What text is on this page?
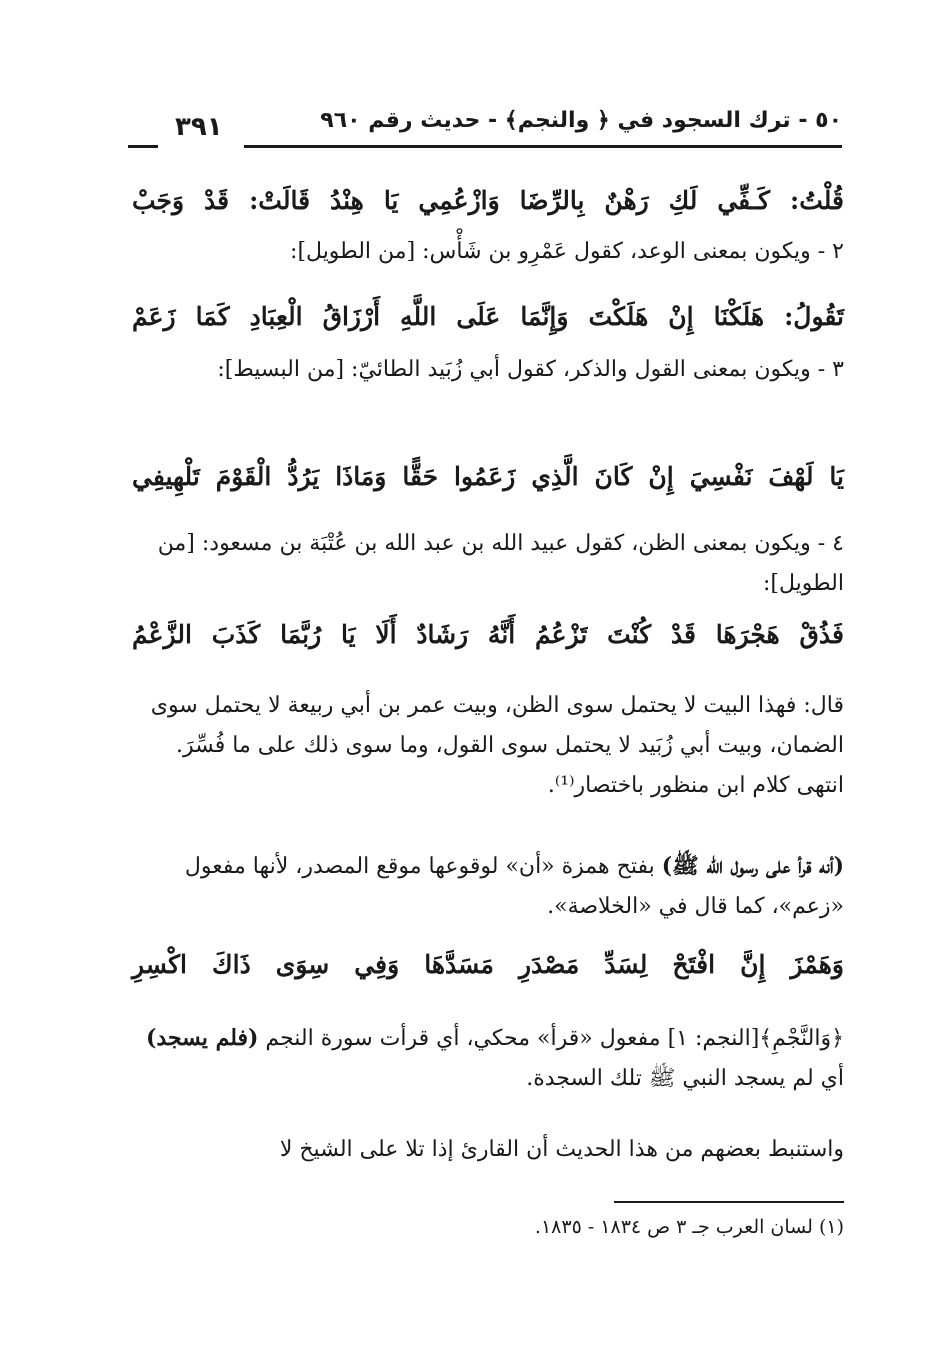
٣٩١	٥٠ - ترك السجود في ﴿ والنجم﴾ - حديث رقم ٩٦٠
قُلْتُ: كَـفِّي لَكِ رَهْنٌ بِالرِّضَا وَازْعُمِي يَا هِنْدُ قَالَتْ: قَدْ وَجَبْ
٢ - ويكون بمعنى الوعد، كقول عَمْرِو بن شَأْس: [من الطويل]:
تَقُولُ: هَلَكْنَا إِنْ هَلَكْتَ وَإِنَّمَا عَلَى اللَّهِ أَرْزَاقُ الْعِبَادِ كَمَا زَعَمْ
٣ - ويكون بمعنى القول والذكر، كقول أبي زُبَيد الطائيّ: [من البسيط]:
يَا لَهْفَ نَفْسِيَ إِنْ كَانَ الَّذِي زَعَمُوا حَقًّا وَمَاذَا يَرُدُّ الْقَوْمَ تَلْهِيفِي
٤ - ويكون بمعنى الظن، كقول عبيد الله بن عبد الله بن عُتْبَة بن مسعود: [من الطويل]:
فَذُقْ هَجْرَهَا قَدْ كُنْتَ تَزْعُمُ أَنَّهُ رَشَادٌ أَلَا يَا رُبَّمَا كَذَبَ الزَّعْمُ
قال: فهذا البيت لا يحتمل سوى الظن، وبيت عمر بن أبي ربيعة لا يحتمل سوى الضمان، وبيت أبي زُبَيد لا يحتمل سوى القول، وما سوى ذلك على ما فُسِّرَ. انتهى كلام ابن منظور باختصار⁽¹⁾.
(أنه قرأ على رسول الله ﷺ) بفتح همزة «أن» لوقوعها موقع المصدر، لأنها مفعول «زعم»، كما قال في «الخلاصة».
وَهَمْزَ إِنَّ افْتَحْ لِسَدِّ مَصْدَرِ مَسَدَّهَا وَفِي سِوَى ذَاكَ اكْسِرِ
﴿وَالنَّجْمِ﴾[النجم: ١] مفعول «قرأ» محكي، أي قرأت سورة النجم (فلم يسجد) أي لم يسجد النبي ﷺ تلك السجدة.
واستنبط بعضهم من هذا الحديث أن القارئ إذا تلا على الشيخ لا
(١) لسان العرب جـ ٣ ص ١٨٣٤ - ١٨٣٥.
